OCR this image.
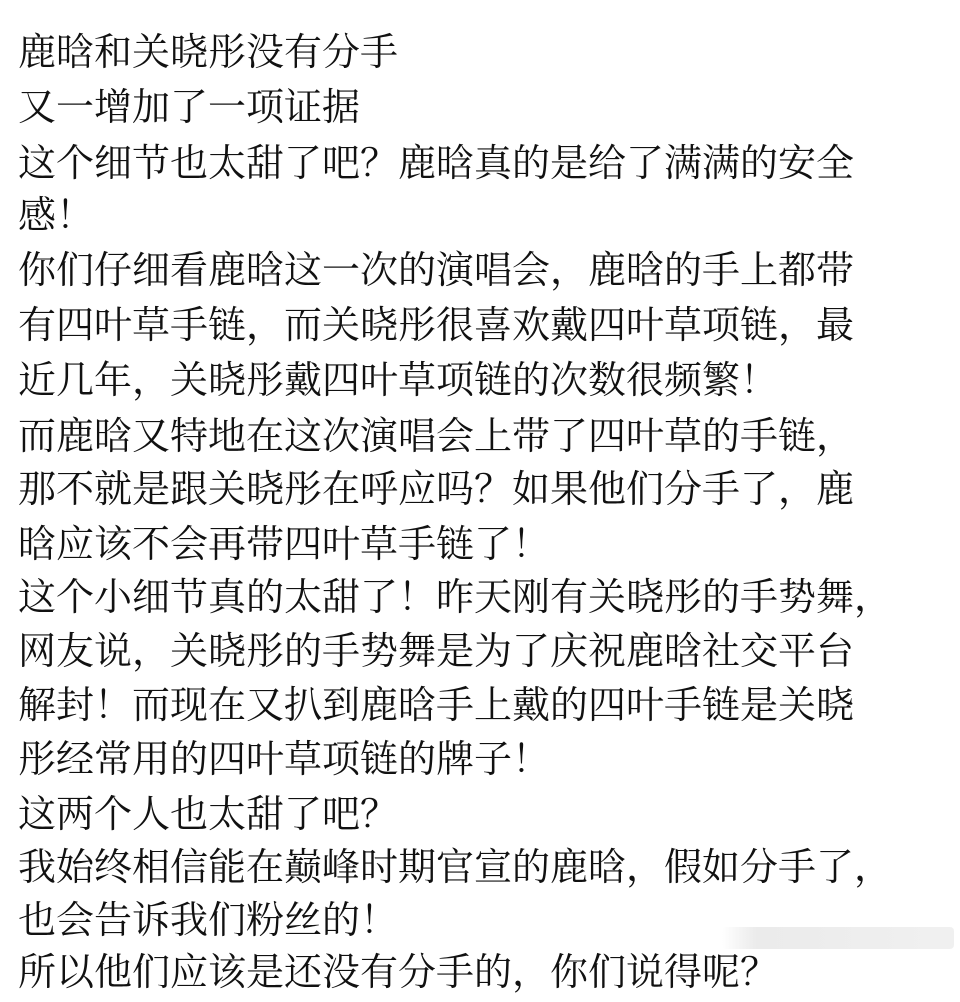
鹿晗和关晓彤没有分手
又一增加了一项证据
这个细节也太甜了吧？鹿晗真的是给了满满的安全
感！
你们仔细看鹿晗这一次的演唱会，鹿晗的手上都带
有四叶草手链，而关晓彤很喜欢戴四叶草项链，最
近几年，关晓彤戴四叶草项链的次数很频繁！
而鹿晗又特地在这次演唱会上带了四叶草的手链，
那不就是跟关晓彤在呼应吗？如果他们分手了，鹿
晗应该不会再带四叶草手链了！
这个小细节真的太甜了！昨天刚有关晓彤的手势舞，
网友说，关晓彤的手势舞是为了庆祝鹿晗社交平台
解封！而现在又扒到鹿晗手上戴的四叶手链是关晓
彤经常用的四叶草项链的牌子！
这两个人也太甜了吧？
我始终相信能在巅峰时期官宣的鹿晗，假如分手了，
也会告诉我们粉丝的！
所以他们应该是还没有分手的，你们说得呢？
